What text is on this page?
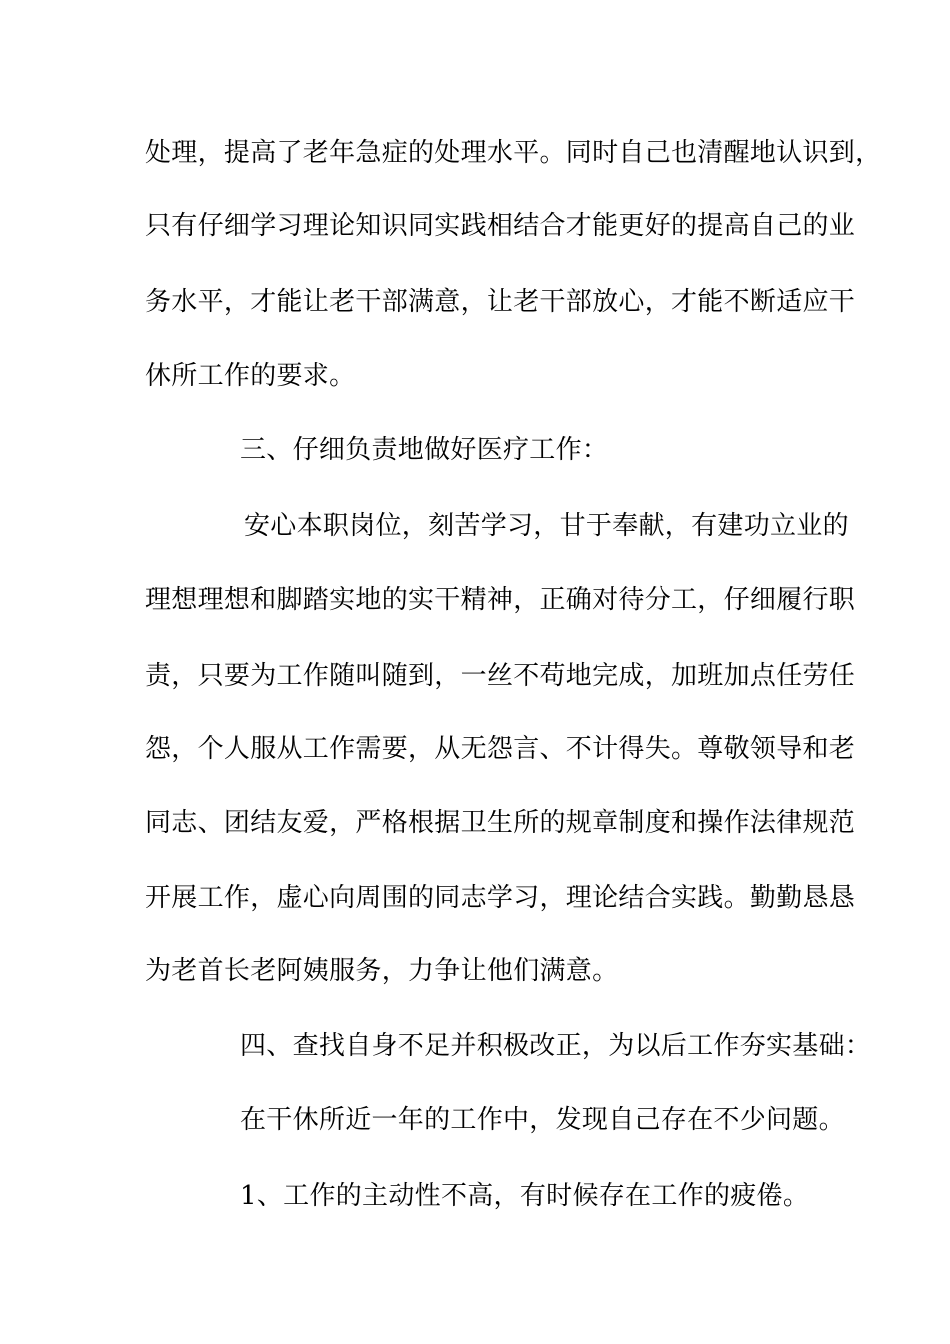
处理，提高了老年急症的处理水平。同时自己也清醒地认识到，
只有仔细学习理论知识同实践相结合才能更好的提高自己的业
务水平，才能让老干部满意，让老干部放心，才能不断适应干
休所工作的要求。
三、仔细负责地做好医疗工作：
安心本职岗位，刻苦学习，甘于奉献，有建功立业的
理想理想和脚踏实地的实干精神，正确对待分工，仔细履行职
责，只要为工作随叫随到，一丝不苟地完成，加班加点任劳任
怨，个人服从工作需要，从无怨言、不计得失。尊敬领导和老
同志、团结友爱，严格根据卫生所的规章制度和操作法律规范
开展工作，虚心向周围的同志学习，理论结合实践。勤勤恳恳
为老首长老阿姨服务，力争让他们满意。
四、查找自身不足并积极改正，为以后工作夯实基础：
在干休所近一年的工作中，发现自己存在不少问题。
1、工作的主动性不高，有时候存在工作的疲倦。
